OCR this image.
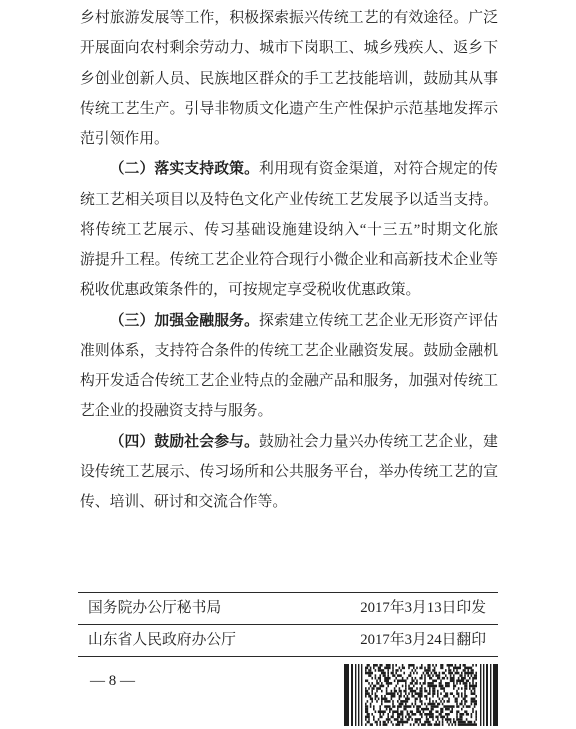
乡村旅游发展等工作，积极探索振兴传统工艺的有效途径。广泛
开展面向农村剩余劳动力、城市下岗职工、城乡残疾人、返乡下
乡创业创新人员、民族地区群众的手工艺技能培训，鼓励其从事
传统工艺生产。引导非物质文化遗产生产性保护示范基地发挥示
范引领作用。
（二）落实支持政策。利用现有资金渠道，对符合规定的传
统工艺相关项目以及特色文化产业传统工艺发展予以适当支持。
将传统工艺展示、传习基础设施建设纳入“十三五”时期文化旅
游提升工程。传统工艺企业符合现行小微企业和高新技术企业等
税收优惠政策条件的，可按规定享受税收优惠政策。
（三）加强金融服务。探索建立传统工艺企业无形资产评估
准则体系，支持符合条件的传统工艺企业融资发展。鼓励金融机
构开发适合传统工艺企业特点的金融产品和服务，加强对传统工
艺企业的投融资支持与服务。
（四）鼓励社会参与。鼓励社会力量兴办传统工艺企业，建
设传统工艺展示、传习场所和公共服务平台，举办传统工艺的宣
传、培训、研讨和交流合作等。
国务院办公厅秘书局	2017年3月13日印发
山东省人民政府办公厅	2017年3月24日翻印
— 8 —
